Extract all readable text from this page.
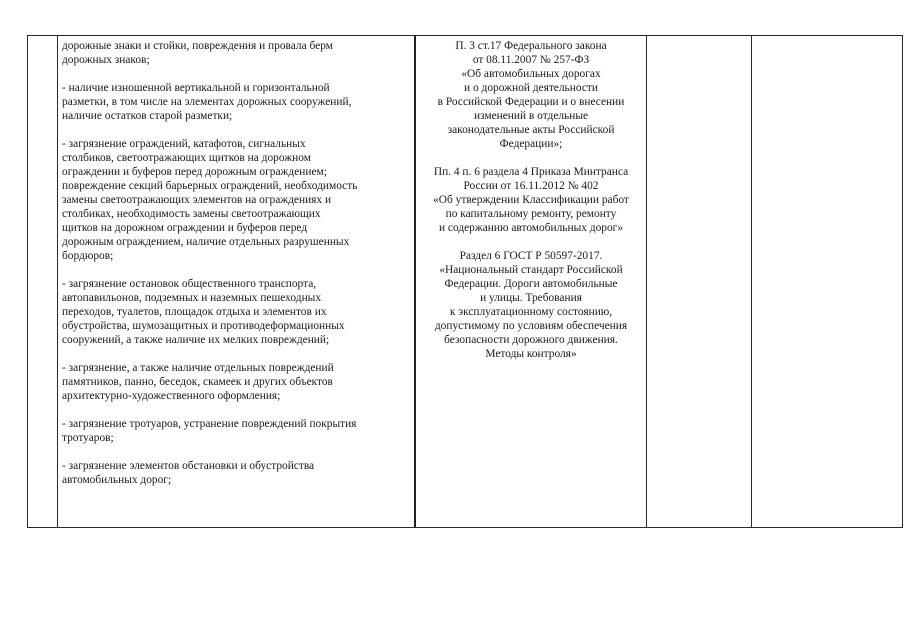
дорожные знаки и стойки, повреждения и провала берм
дорожных знаков;
- наличие изношенной вертикальной и горизонтальной
разметки, в том числе на элементах дорожных сооружений,
наличие остатков старой разметки;
- загрязнение ограждений, катафотов, сигнальных
столбиков, светоотражающих щитков на дорожном
ограждении и буферов перед дорожным ограждением;
повреждение секций барьерных ограждений, необходимость
замены светоотражающих элементов на ограждениях и
столбиках, необходимость замены светоотражающих
щитков на дорожном ограждении и буферов перед
дорожным ограждением, наличие отдельных разрушенных
бордюров;
- загрязнение остановок общественного транспорта,
автопавильонов, подземных и наземных пешеходных
переходов, туалетов, площадок отдыха и элементов их
обустройства, шумозащитных и противодеформационных
сооружений, а также наличие их мелких повреждений;
- загрязнение, а также наличие отдельных повреждений
памятников, панно, беседок, скамеек и других объектов
архитектурно-художественного оформления;
- загрязнение тротуаров, устранение повреждений покрытия
тротуаров;
- загрязнение элементов обстановки и обустройства
автомобильных дорог;
П. 3 ст.17 Федерального закона
от 08.11.2007 № 257-ФЗ
«Об автомобильных дорогах
и о дорожной деятельности
в Российской Федерации и о внесении
изменений в отдельные
законодательные акты Российской
Федерации»;
Пп. 4 п. 6 раздела 4 Приказа Минтранса
России от 16.11.2012 № 402
«Об утверждении Классификации работ
по капитальному ремонту, ремонту
и содержанию автомобильных дорог»
Раздел 6 ГОСТ Р 50597-2017.
«Национальный стандарт Российской
Федерации. Дороги автомобильные
и улицы. Требования
к эксплуатационному состоянию,
допустимому по условиям обеспечения
безопасности дорожного движения.
Методы контроля»
